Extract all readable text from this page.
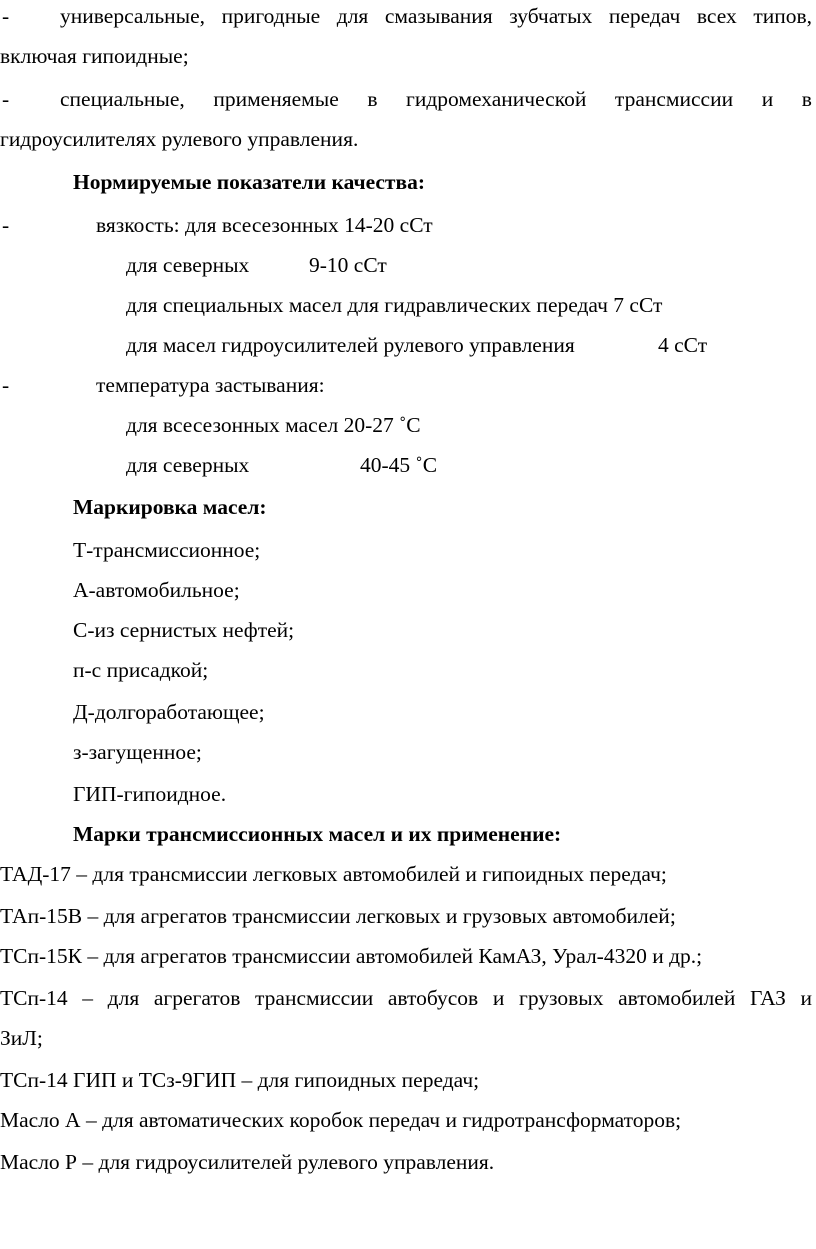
- универсальные, пригодные для смазывания зубчатых передач всех типов,
включая гипоидные;
- специальные, применяемые в гидромеханической трансмиссии и в
гидроусилителях рулевого управления.
Нормируемые показатели качества:
-	вязкость: для всесезонных 14-20 сСт
для северных	9-10 сСт
для специальных масел для гидравлических передач 7 сСт
для масел гидроусилителей рулевого управления	4 сСт
-	температура застывания:
для всесезонных масел 20-27 ˚С
для северных	40-45 ˚С
Маркировка масел:
Т-трансмиссионное;
А-автомобильное;
С-из сернистых нефтей;
п-с присадкой;
Д-долгоработающее;
з-загущенное;
ГИП-гипоидное.
Марки трансмиссионных масел и их применение:
ТАД-17 – для трансмиссии легковых автомобилей и гипоидных передач;
ТАп-15В – для агрегатов трансмиссии легковых и грузовых автомобилей;
ТСп-15К – для агрегатов трансмиссии автомобилей КамАЗ, Урал-4320 и др.;
ТСп-14 – для агрегатов трансмиссии автобусов и грузовых автомобилей ГАЗ и
ЗиЛ;
ТСп-14 ГИП и ТСз-9ГИП – для гипоидных передач;
Масло А – для автоматических коробок передач и гидротрансформаторов;
Масло Р – для гидроусилителей рулевого управления.
